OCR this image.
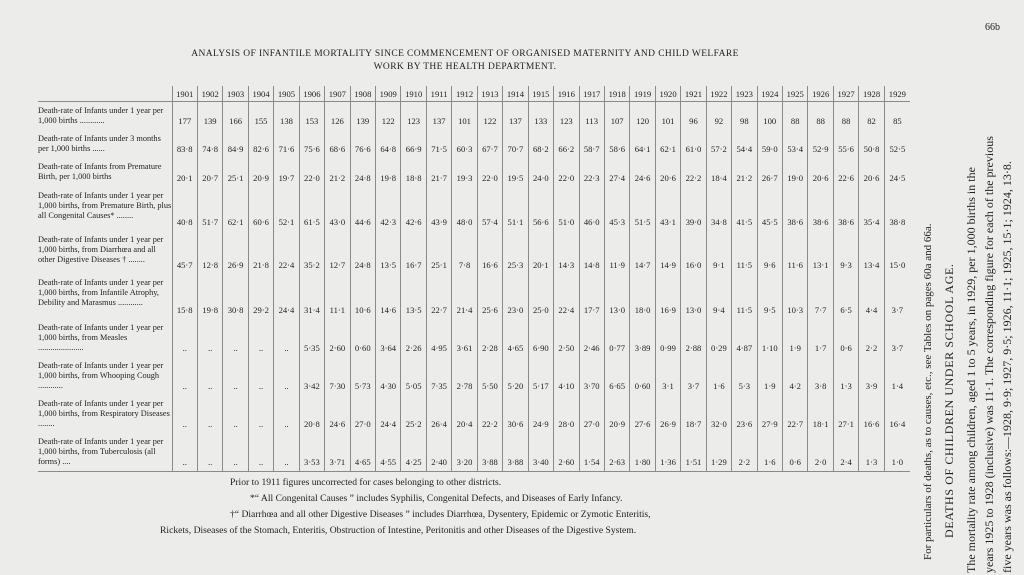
66b
ANALYSIS OF INFANTILE MORTALITY SINCE COMMENCEMENT OF ORGANISED MATERNITY AND CHILD WELFARE
WORK BY THE HEALTH DEPARTMENT.
	1901	1902	1903	1904	1905	1906	1907	1908	1909	1910	1911	1912	1913	1914	1915	1916	1917	1918	1919	1920	1921	1922	1923	1924	1925	1926	1927	1928	1929
Death-rate of Infants under 1 year per 1,000 births ............	177	139	166	155	138	153	126	139	122	123	137	101	122	137	133	123	113	107	120	101	96	92	98	100	88	88	88	82	85
Death-rate of Infants under 3 months per 1,000 births ......	83·8	74·8	84·9	82·6	71·6	75·6	68·6	76·6	64·8	66·9	71·5	60·3	67·7	70·7	68·2	66·2	58·7	58·6	64·1	62·1	61·0	57·2	54·4	59·0	53·4	52·9	55·6	50·8	52·5
Death-rate of Infants from Premature Birth, per 1,000 births	20·1	20·7	25·1	20·9	19·7	22·0	21·2	24·8	19·8	18·8	21·7	19·3	22·0	19·5	24·0	22·0	22·3	27·4	24·6	20·6	22·2	18·4	21·2	26·7	19·0	20·6	22·6	20·6	24·5
Death-rate of Infants under 1 year per 1,000 births, from Premature Birth, plus all Congenital Causes* ........	40·8	51·7	62·1	60·6	52·1	61·5	43·0	44·6	42·3	42·6	43·9	48·0	57·4	51·1	56·6	51·0	46·0	45·3	51·5	43·1	39·0	34·8	41·5	45·5	38·6	38·6	38·6	35·4	38·8
Death-rate of Infants under 1 year per 1,000 births, from Diarrhœa and all other Digestive Diseases † ........	45·7	12·8	26·9	21·8	22·4	35·2	12·7	24·8	13·5	16·7	25·1	7·8	16·6	25·3	20·1	14·3	14·8	11·9	14·7	14·9	16·0	9·1	11·5	9·6	11·6	13·1	9·3	13·4	15·0
Death-rate of Infants under 1 year per 1,000 births, from Infantile Atrophy, Debility and Marasmus ............	15·8	19·8	30·8	29·2	24·4	31·4	11·1	10·6	14·6	13·5	22·7	21·4	25·6	23·0	25·0	22·4	17·7	13·0	18·0	16·9	13·0	9·4	11·5	9·5	10·3	7·7	6·5	4·4	3·7
Death-rate of Infants under 1 year per 1,000 births, from Measles ......................	..	..	..	..	..	5·35	2·60	0·60	3·64	2·26	4·95	3·61	2·28	4·65	6·90	2·50	2·46	0·77	3·89	0·99	2·88	0·29	4·87	1·10	1·9	1·7	0·6	2·2	3·7
Death-rate of Infants under 1 year per 1,000 births, from Whooping Cough ............	..	..	..	..	..	3·42	7·30	5·73	4·30	5·05	7·35	2·78	5·50	5·20	5·17	4·10	3·70	6·65	0·60	3·1	3·7	1·6	5·3	1·9	4·2	3·8	1·3	3·9	1·4
Death-rate of Infants under 1 year per 1,000 births, from Respiratory Diseases ........	..	..	..	..	..	20·8	24·6	27·0	24·4	25·2	26·4	20·4	22·2	30·6	24·9	28·0	27·0	20·9	27·6	26·9	18·7	32·0	23·6	27·9	22·7	18·1	27·1	16·6	16·4
Death-rate of Infants under 1 year per 1,000 births, from Tuberculosis (all forms) ....	..	..	..	..	..	3·53	3·71	4·65	4·55	4·25	2·40	3·20	3·88	3·88	3·40	2·60	1·54	2·63	1·80	1·36	1·51	1·29	2·2	1·6	0·6	2·0	2·4	1·3	1·0

Prior to 1911 figures uncorrected for cases belonging to other districts.

*“ All Congenital Causes ” includes Syphilis, Congenital Defects, and Diseases of Early Infancy.

†“ Diarrhœa and all other Digestive Diseases ” includes Diarrhœa, Dysentery, Epidemic or Zymotic Enteritis,

Rickets, Diseases of the Stomach, Enteritis, Obstruction of Intestine, Peritonitis and other Diseases of the Digestive System.	For particulars of deaths, as to causes, etc., see Tables on pages 60a and 66a. DEATHS OF CHILDREN UNDER SCHOOL AGE. The mortality rate among children, aged 1 to 5 years, in 1929, per 1,000 births in the years 1925 to 1928 (inclusive) was 11·1. The corresponding figure for each of the previous five years was as follows:—1928, 9·9; 1927, 9·5; 1926, 11·1; 1925, 15·1; 1924, 13·8.
